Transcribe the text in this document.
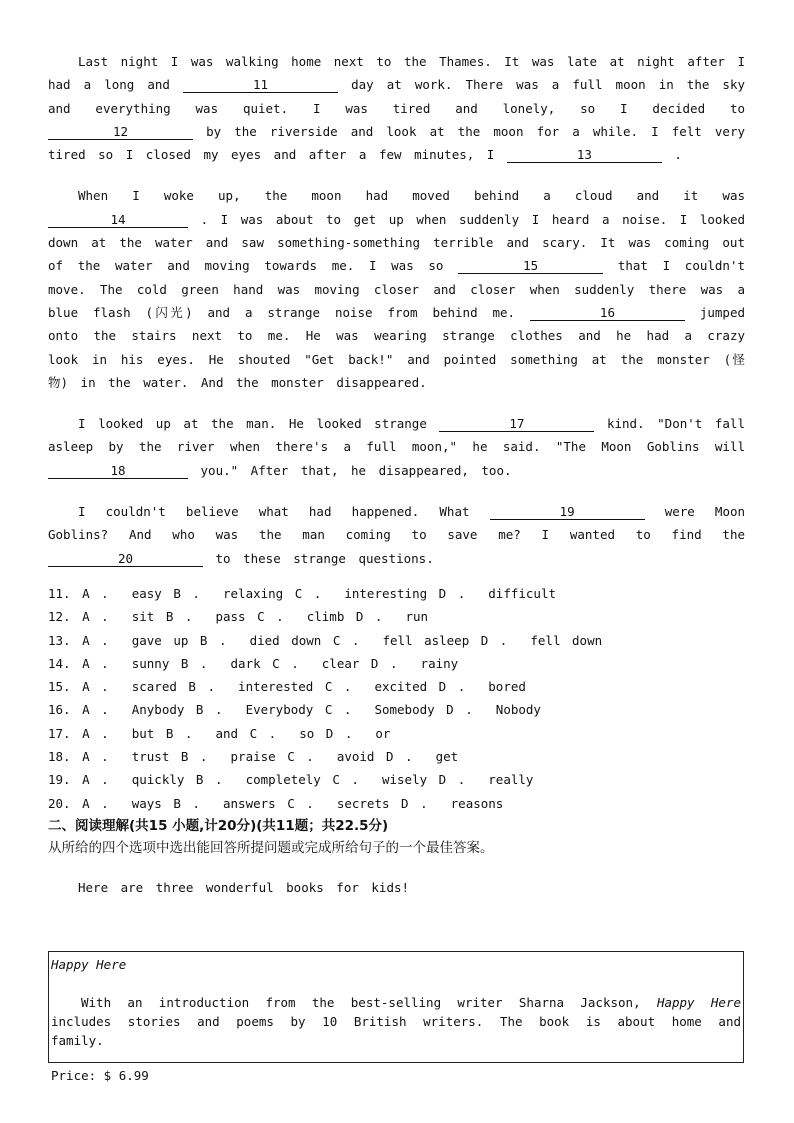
Last night I was walking home next to the Thames. It was late at night after I had a long and	11	day at work. There was a full moon in the sky and everything was quiet. I was tired and lonely, so I decided to 12	by the riverside and look at the moon for a while. I felt very tired so I closed my eyes and after a few minutes, I	13	.

When I woke up, the moon had moved behind a cloud and it was 14	. I was about to get up when suddenly I heard a noise. I looked down at the water and saw something-something terrible and scary. It was coming out of the water and moving towards me. I was so	15	that I couldn't move. The cold green hand was moving closer and closer when suddenly there was a blue flash (闪光) and a strange noise from behind me.	16	jumped onto the stairs next to me. He was wearing strange clothes and he had a crazy look in his eyes. He shouted "Get back!" and pointed something at the monster (怪物) in the water. And the monster disappeared.

I looked up at the man. He looked strange	17	kind. "Don't fall asleep by the river when there's a full moon," he said. "The Moon Goblins will 18	you." After that, he disappeared, too.

I couldn't believe what had happened. What	19	were Moon Goblins? And who was the man coming to save me? I wanted to find the 20	to these strange questions.

11. A .  easy B .  relaxing C .  interesting D .  difficult
12. A .  sit B .  pass C .  climb D .  run
13. A .  gave up B .  died down C .  fell asleep D .  fell down
14. A .  sunny B .  dark C .  clear D .  rainy
15. A .  scared B .  interested C .  excited D .  bored
16. A .  Anybody B .  Everybody C .  Somebody D .  Nobody
17. A .  but B .  and C .  so D .  or
18. A .  trust B .  praise C .  avoid D .  get
19. A .  quickly B .  completely C .  wisely D .  really
20. A .  ways B .  answers C .  secrets D .  reasons
二、阅读理解(共15 小题,计20分)(共11题；共22.5分)
从所给的四个选项中选出能回答所提问题或完成所给句子的一个最佳答案。
Here are three wonderful books for kids!
Happy Here
With an introduction from the best-selling writer Sharna Jackson, Happy Here includes stories and poems by 10 British writers. The book is about home and family.
Price: $ 6.99
